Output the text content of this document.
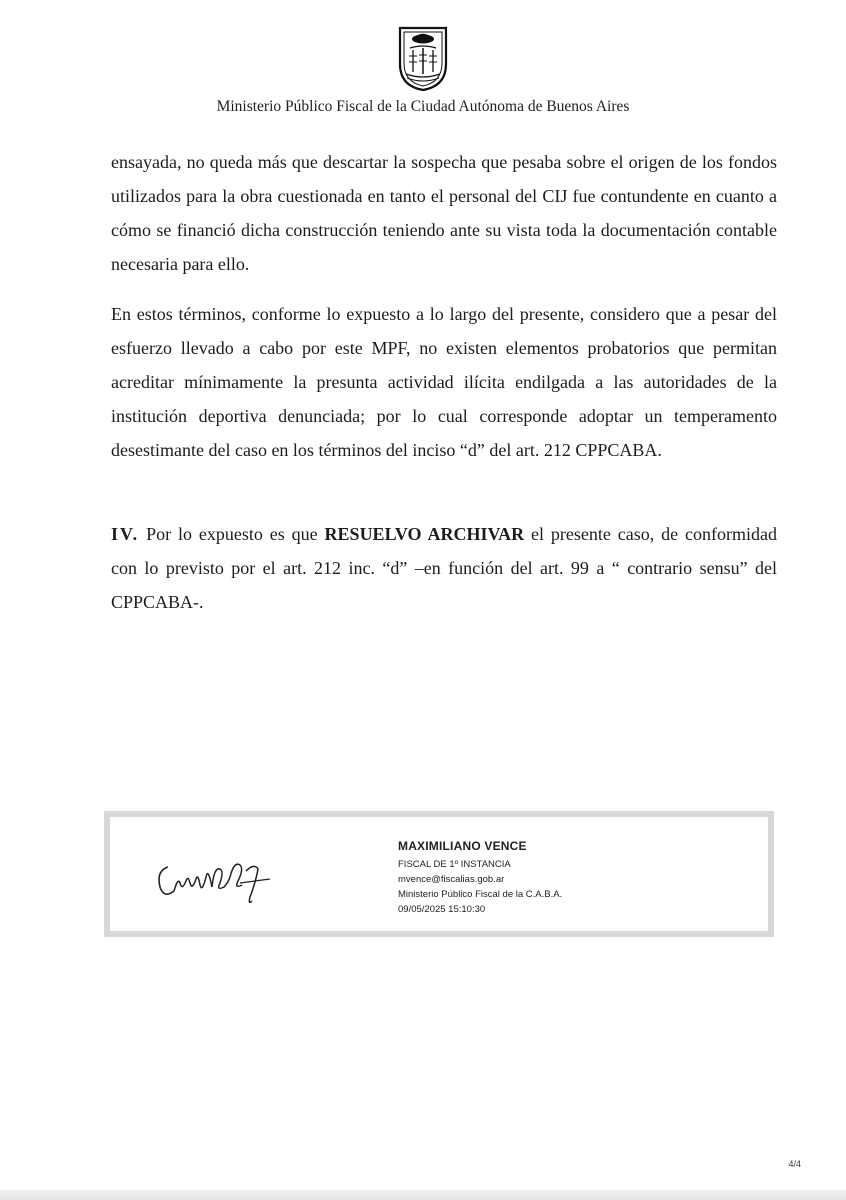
Ministerio Público Fiscal de la Ciudad Autónoma de Buenos Aires
ensayada, no queda más que descartar la sospecha que pesaba sobre el origen de los fondos utilizados para la obra cuestionada en tanto el personal del CIJ fue contundente en cuanto a cómo se financió dicha construcción teniendo ante su vista toda la documentación contable necesaria para ello.
En estos términos, conforme lo expuesto a lo largo del presente, considero que a pesar del esfuerzo llevado a cabo por este MPF, no existen elementos probatorios que permitan acreditar mínimamente la presunta actividad ilícita endilgada a las autoridades de la institución deportiva denunciada; por lo cual corresponde adoptar un temperamento desestimante del caso en los términos del inciso “d” del art. 212 CPPCABA.
IV. Por lo expuesto es que RESUELVO ARCHIVAR el presente caso, de conformidad con lo previsto por el art. 212 inc. “d” –en función del art. 99 a “ contrario sensu” del CPPCABA-.
MAXIMILIANO VENCE
FISCAL DE 1º INSTANCIA
mvence@fiscalias.gob.ar
Ministerio Público Fiscal de la C.A.B.A.
09/05/2025 15:10:30
4/4
